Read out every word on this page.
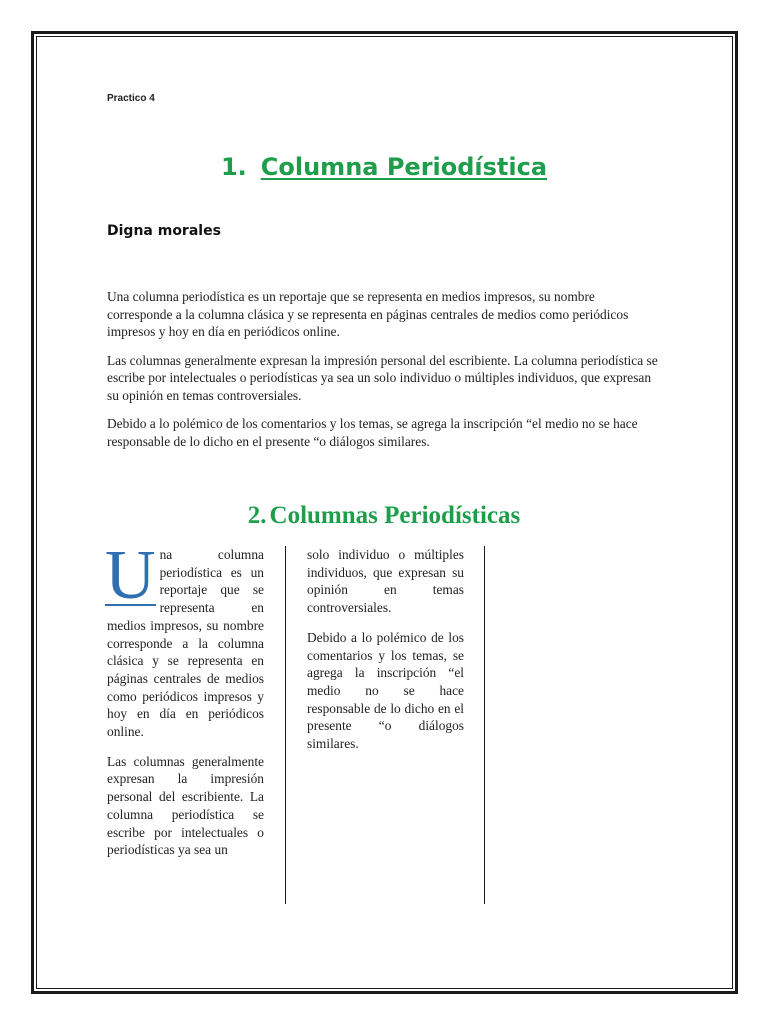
Practico 4
1. Columna Periodística
Digna morales

Una columna periodística es un reportaje que se representa en medios impresos, su nombre corresponde a la columna clásica y se representa en páginas centrales de medios como periódicos impresos y hoy en día en periódicos online.

Las columnas generalmente expresan la impresión personal del escribiente. La columna periodística se escribe por intelectuales o periodísticas ya sea un solo individuo o múltiples individuos, que expresan su opinión en temas controversiales.

Debido a lo polémico de los comentarios y los temas, se agrega la inscripción “el medio no se hace responsable de lo dicho en el presente “o diálogos similares.

2. Columnas Periodísticas

U na columna periodística es un reportaje que se representa en medios impresos, su nombre corresponde a la columna clásica y se representa en páginas centrales de medios como periódicos impresos y hoy en día en periódicos online.

Las columnas generalmente expresan la impresión personal del escribiente. La columna periodística se escribe por intelectuales o periodísticas ya sea un

solo individuo o múltiples individuos, que expresan su opinión en temas controversiales.

Debido a lo polémico de los comentarios y los temas, se agrega la inscripción “el medio no se hace responsable de lo dicho en el presente “o diálogos similares.
